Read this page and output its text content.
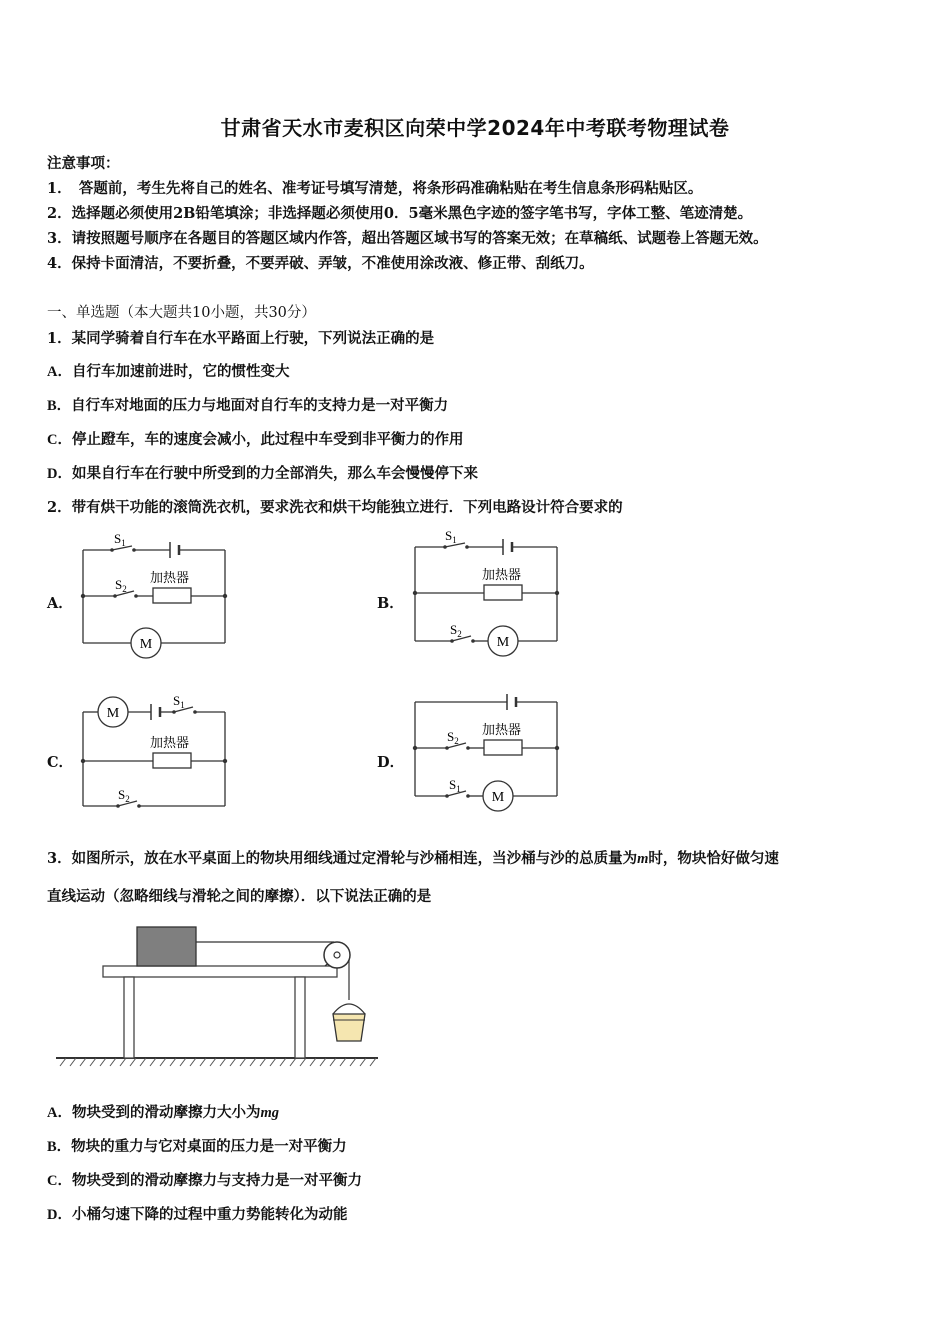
甘肃省天水市麦积区向荣中学2024年中考联考物理试卷
注意事项：
1．　答题前，考生先将自己的姓名、准考证号填写清楚，将条形码准确粘贴在考生信息条形码粘贴区。
2．选择题必须使用2B铅笔填涂；非选择题必须使用0．5毫米黑色字迹的签字笔书写，字体工整、笔迹清楚。
3．请按照题号顺序在各题目的答题区域内作答，超出答题区域书写的答案无效；在草稿纸、试题卷上答题无效。
4．保持卡面清洁，不要折叠，不要弄破、弄皱，不准使用涂改液、修正带、刮纸刀。
一、单选题（本大题共10小题，共30分）
1．某同学骑着自行车在水平路面上行驶，下列说法正确的是
A．自行车加速前进时，它的惯性变大
B．自行车对地面的压力与地面对自行车的支持力是一对平衡力
C．停止蹬车，车的速度会减小，此过程中车受到非平衡力的作用
D．如果自行车在行驶中所受到的力全部消失，那么车会慢慢停下来
2．带有烘干功能的滚筒洗衣机，要求洗衣和烘干均能独立进行．下列电路设计符合要求的
A．	B．
C．	D．
$S_1$
$S_2$
加热器
M
$S_1$
$S_2$
加热器
M
M
$S_1$
加热器
$S_2$
加热器
$S_2$
$S_1$
M
3．如图所示，放在水平桌面上的物块用细线通过定滑轮与沙桶相连，当沙桶与沙的总质量为m时，物块恰好做匀速
直线运动（忽略细线与滑轮之间的摩擦）．以下说法正确的是
A．物块受到的滑动摩擦力大小为mg
B．物块的重力与它对桌面的压力是一对平衡力
C．物块受到的滑动摩擦力与支持力是一对平衡力
D．小桶匀速下降的过程中重力势能转化为动能
